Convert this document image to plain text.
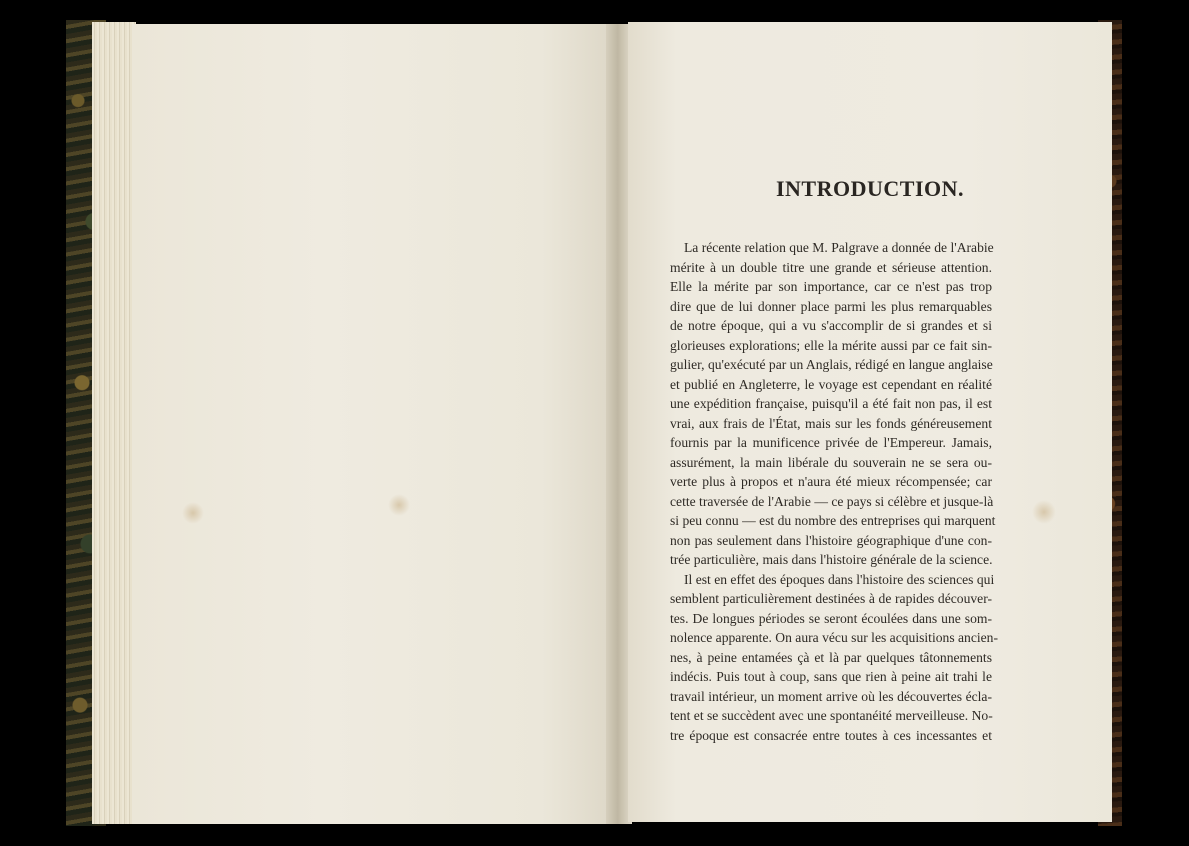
INTRODUCTION.
La récente relation que M. Palgrave a donnée de l'Arabie
mérite à un double titre une grande et sérieuse attention.
Elle la mérite par son importance, car ce n'est pas trop
dire que de lui donner place parmi les plus remarquables
de notre époque, qui a vu s'accomplir de si grandes et si
glorieuses explorations; elle la mérite aussi par ce fait sin-
gulier, qu'exécuté par un Anglais, rédigé en langue anglaise
et publié en Angleterre, le voyage est cependant en réalité
une expédition française, puisqu'il a été fait non pas, il est
vrai, aux frais de l'État, mais sur les fonds généreusement
fournis par la munificence privée de l'Empereur. Jamais,
assurément, la main libérale du souverain ne se sera ou-
verte plus à propos et n'aura été mieux récompensée; car
cette traversée de l'Arabie — ce pays si célèbre et jusque-là
si peu connu — est du nombre des entreprises qui marquent
non pas seulement dans l'histoire géographique d'une con-
trée particulière, mais dans l'histoire générale de la science.
Il est en effet des époques dans l'histoire des sciences qui
semblent particulièrement destinées à de rapides découver-
tes. De longues périodes se seront écoulées dans une som-
nolence apparente. On aura vécu sur les acquisitions ancien-
nes, à peine entamées çà et là par quelques tâtonnements
indécis. Puis tout à coup, sans que rien à peine ait trahi le
travail intérieur, un moment arrive où les découvertes écla-
tent et se succèdent avec une spontanéité merveilleuse. No-
tre époque est consacrée entre toutes à ces incessantes et
